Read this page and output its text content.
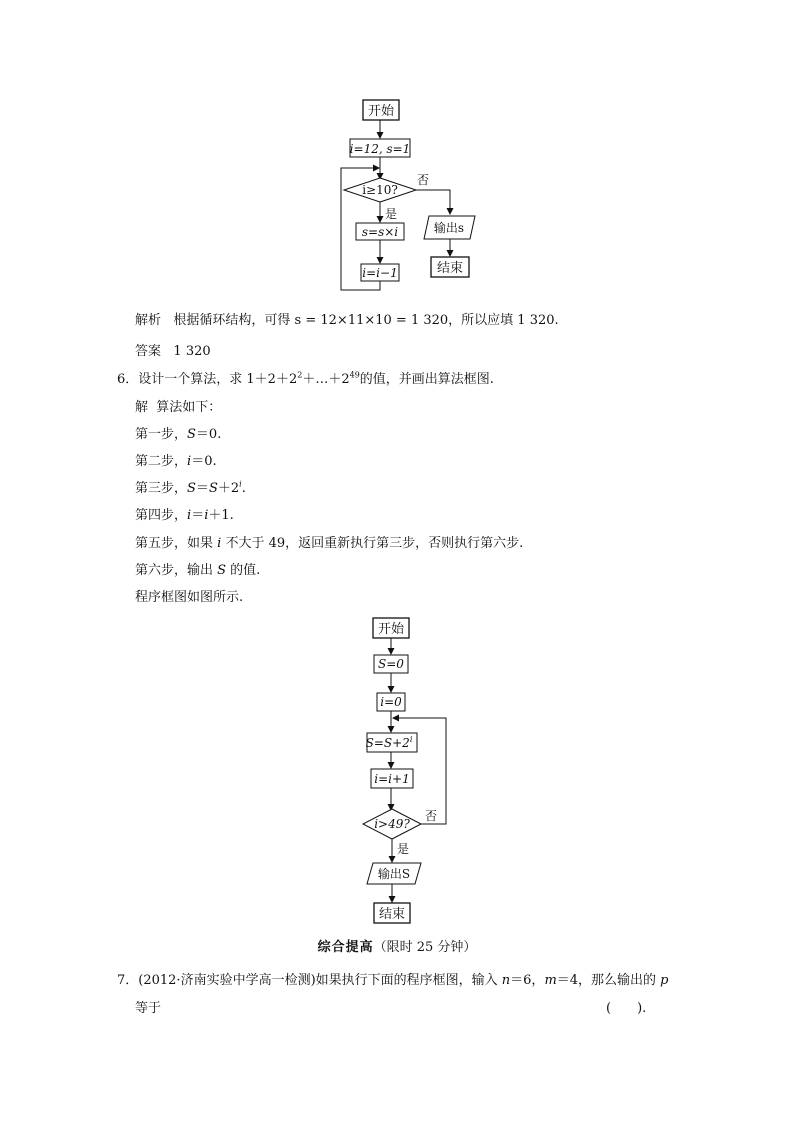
开始
i=12, s=1
i≥10?
否
是
s=s×i
i=i−1
输出s
结束
解析 根据循环结构，可得 s = 12×11×10 = 1 320，所以应填 1 320.
答案 1 320
6．设计一个算法，求 $1+2+2^2+\dots+2^{49}$的值，并画出算法框图.
解 算法如下：
第一步，S＝0.
第二步，i＝0.
第三步，$S=S+2^i$.
第四步，i＝i＋1.
第五步，如果 i 不大于 49，返回重新执行第三步，否则执行第六步.
第六步，输出 S 的值.
程序框图如图所示.
开始
S=0
i=0
$S=S+2^i$
i=i+1
i>49?
否
是
输出S
结束
综合提高（限时 25 分钟）
7．(2012·济南实验中学高一检测)如果执行下面的程序框图，输入 n＝6，m＝4，那么输出的 p
等于	(　　).
